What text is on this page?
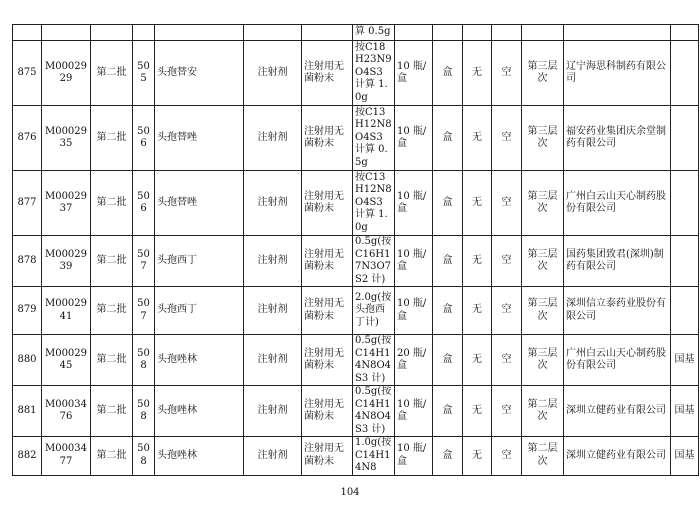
							算 0.5g							
875	M0002929	第二批	505	头孢替安	注射剂	注射用无菌粉末	按C18H23N9O4S3 计算 1.0g	10 瓶/盒	盒	无	空	第三层次	辽宁海思科制药有限公司	
876	M0002935	第二批	506	头孢替唑	注射剂	注射用无菌粉末	按C13H12N8O4S3 计算 0.5g	10 瓶/盒	盒	无	空	第三层次	福安药业集团庆余堂制药有限公司	
877	M0002937	第二批	506	头孢替唑	注射剂	注射用无菌粉末	按C13H12N8O4S3 计算 1.0g	10 瓶/盒	盒	无	空	第三层次	广州白云山天心制药股份有限公司	
878	M0002939	第二批	507	头孢西丁	注射剂	注射用无菌粉末	0.5g(按C16H17N3O7S2 计)	10 瓶/盒	盒	无	空	第三层次	国药集团致君(深圳)制药有限公司	
879	M0002941	第二批	507	头孢西丁	注射剂	注射用无菌粉末	2.0g(按头孢西丁计)	10 瓶/盒	盒	无	空	第三层次	深圳信立泰药业股份有限公司	
880	M0002945	第二批	508	头孢唑林	注射剂	注射用无菌粉末	0.5g(按C14H14N8O4S3 计)	20 瓶/盒	盒	无	空	第三层次	广州白云山天心制药股份有限公司	国基
881	M0003476	第二批	508	头孢唑林	注射剂	注射用无菌粉末	0.5g(按C14H14N8O4S3 计)	10 瓶/盒	盒	无	空	第二层次	深圳立健药业有限公司	国基
882	M0003477	第二批	508	头孢唑林	注射剂	注射用无菌粉末	1.0g(按C14H14N8	10 瓶/盒	盒	无	空	第二层次	深圳立健药业有限公司	国基
104
